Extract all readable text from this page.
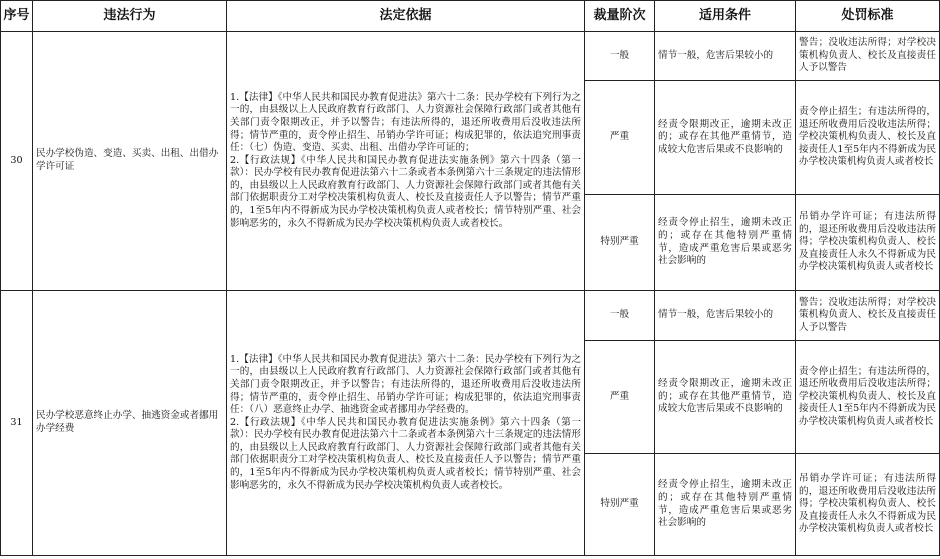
序号	违法行为	法定依据	裁量阶次	适用条件	处罚标准
30	民办学校伪造、变造、买卖、出租、出借办学许可证	1.【法律】《中华人民共和国民办教育促进法》第六十二条：民办学校有下列行为之一的，由县级以上人民政府教育行政部门、人力资源社会保障行政部门或者其他有关部门责令限期改正，并予以警告；有违法所得的，退还所收费用后没收违法所得；情节严重的，责令停止招生、吊销办学许可证；构成犯罪的，依法追究刑事责任：（七）伪造、变造、买卖、出租、出借办学许可证的；

2.【行政法规】《中华人民共和国民办教育促进法实施条例》第六十四条（第一款）：民办学校有民办教育促进法第六十二条或者本条例第六十三条规定的违法情形的，由县级以上人民政府教育行政部门、人力资源社会保障行政部门或者其他有关部门依据职责分工对学校决策机构负责人、校长及直接责任人予以警告；情节严重的，1至5年内不得新成为民办学校决策机构负责人或者校长；情节特别严重、社会影响恶劣的，永久不得新成为民办学校决策机构负责人或者校长。	一般	情节一般，危害后果较小的	警告；没收违法所得；对学校决策机构负责人、校长及直接责任人予以警告
			严重	经责令限期改正，逾期未改正的；或存在其他严重情节，造成较大危害后果或不良影响的	责令停止招生；有违法所得的，退还所收费用后没收违法所得；学校决策机构负责人、校长及直接责任人1至5年内不得新成为民办学校决策机构负责人或者校长
			特别严重	经责令停止招生，逾期未改正的；或存在其他特别严重情节，造成严重危害后果或恶劣社会影响的	吊销办学许可证；有违法所得的，退还所收费用后没收违法所得；学校决策机构负责人、校长及直接责任人永久不得新成为民办学校决策机构负责人或者校长
31	民办学校恶意终止办学、抽逃资金或者挪用办学经费	1.【法律】《中华人民共和国民办教育促进法》第六十二条：民办学校有下列行为之一的，由县级以上人民政府教育行政部门、人力资源社会保障行政部门或者其他有关部门责令限期改正，并予以警告；有违法所得的，退还所收费用后没收违法所得；情节严重的，责令停止招生、吊销办学许可证；构成犯罪的，依法追究刑事责任：（八）恶意终止办学、抽逃资金或者挪用办学经费的。

2.【行政法规】《中华人民共和国民办教育促进法实施条例》第六十四条（第一款）：民办学校有民办教育促进法第六十二条或者本条例第六十三条规定的违法情形的，由县级以上人民政府教育行政部门、人力资源社会保障行政部门或者其他有关部门依据职责分工对学校决策机构负责人、校长及直接责任人予以警告；情节严重的，1至5年内不得新成为民办学校决策机构负责人或者校长；情节特别严重、社会影响恶劣的，永久不得新成为民办学校决策机构负责人或者校长。	一般	情节一般，危害后果较小的	警告；没收违法所得；对学校决策机构负责人、校长及直接责任人予以警告
			严重	经责令限期改正，逾期未改正的；或存在其他严重情节，造成较大危害后果或不良影响的	责令停止招生；有违法所得的，退还所收费用后没收违法所得；学校决策机构负责人、校长及直接责任人1至5年内不得新成为民办学校决策机构负责人或者校长
			特别严重	经责令停止招生，逾期未改正的；或存在其他特别严重情节，造成严重危害后果或恶劣社会影响的	吊销办学许可证；有违法所得的，退还所收费用后没收违法所得；学校决策机构负责人、校长及直接责任人永久不得新成为民办学校决策机构负责人或者校长
